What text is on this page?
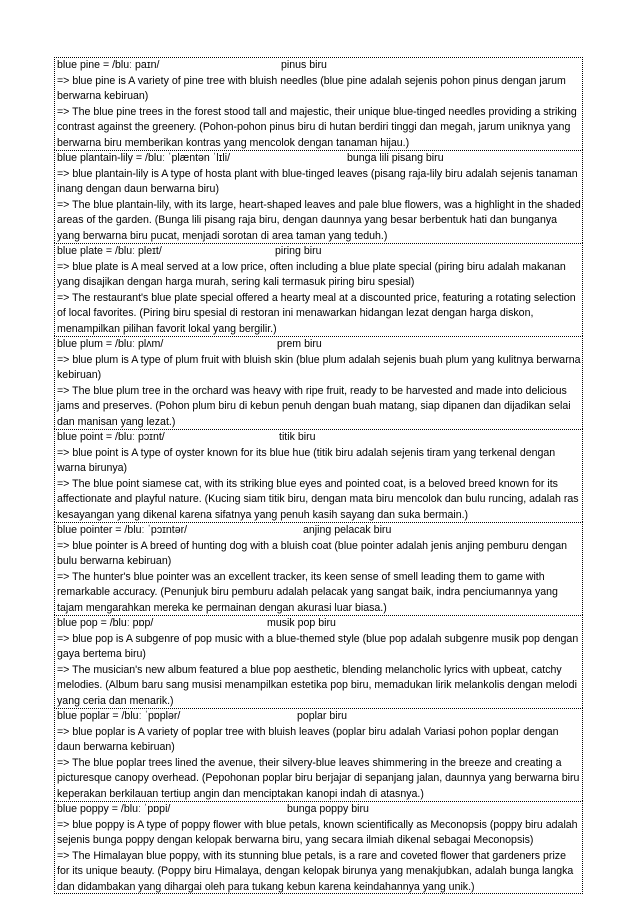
blue pine = /bluː paɪn/	pinus biru

=> blue pine is A variety of pine tree with bluish needles (blue pine adalah sejenis pohon pinus dengan jarum berwarna kebiruan)

=> The blue pine trees in the forest stood tall and majestic, their unique blue-tinged needles providing a striking contrast against the greenery. (Pohon-pohon pinus biru di hutan berdiri tinggi dan megah, jarum uniknya yang berwarna biru memberikan kontras yang mencolok dengan tanaman hijau.)

blue plantain-lily = /bluː ˈplæntən ˈlɪli/	bunga lili pisang biru

=> blue plantain-lily is A type of hosta plant with blue-tinged leaves (pisang raja-lily biru adalah sejenis tanaman inang dengan daun berwarna biru)

=> The blue plantain-lily, with its large, heart-shaped leaves and pale blue flowers, was a highlight in the shaded areas of the garden. (Bunga lili pisang raja biru, dengan daunnya yang besar berbentuk hati dan bunganya yang berwarna biru pucat, menjadi sorotan di area taman yang teduh.)

blue plate = /bluː pleɪt/	piring biru

=> blue plate is A meal served at a low price, often including a blue plate special (piring biru adalah makanan yang disajikan dengan harga murah, sering kali termasuk piring biru spesial)

=> The restaurant's blue plate special offered a hearty meal at a discounted price, featuring a rotating selection of local favorites. (Piring biru spesial di restoran ini menawarkan hidangan lezat dengan harga diskon, menampilkan pilihan favorit lokal yang bergilir.)

blue plum = /bluː plʌm/	prem biru

=> blue plum is A type of plum fruit with bluish skin (blue plum adalah sejenis buah plum yang kulitnya berwarna kebiruan)

=> The blue plum tree in the orchard was heavy with ripe fruit, ready to be harvested and made into delicious jams and preserves. (Pohon plum biru di kebun penuh dengan buah matang, siap dipanen dan dijadikan selai dan manisan yang lezat.)

blue point = /bluː pɔɪnt/	titik biru

=> blue point is A type of oyster known for its blue hue (titik biru adalah sejenis tiram yang terkenal dengan warna birunya)

=> The blue point siamese cat, with its striking blue eyes and pointed coat, is a beloved breed known for its affectionate and playful nature. (Kucing siam titik biru, dengan mata biru mencolok dan bulu runcing, adalah ras kesayangan yang dikenal karena sifatnya yang penuh kasih sayang dan suka bermain.)

blue pointer = /bluː ˈpɔɪntər/	anjing pelacak biru

=> blue pointer is A breed of hunting dog with a bluish coat (blue pointer adalah jenis anjing pemburu dengan bulu berwarna kebiruan)

=> The hunter's blue pointer was an excellent tracker, its keen sense of smell leading them to game with remarkable accuracy. (Penunjuk biru pemburu adalah pelacak yang sangat baik, indra penciumannya yang tajam mengarahkan mereka ke permainan dengan akurasi luar biasa.)

blue pop = /bluː pɒp/	musik pop biru

=> blue pop is A subgenre of pop music with a blue-themed style (blue pop adalah subgenre musik pop dengan gaya bertema biru)

=> The musician's new album featured a blue pop aesthetic, blending melancholic lyrics with upbeat, catchy melodies. (Album baru sang musisi menampilkan estetika pop biru, memadukan lirik melankolis dengan melodi yang ceria dan menarik.)

blue poplar = /bluː ˈpɒplər/	poplar biru

=> blue poplar is A variety of poplar tree with bluish leaves (poplar biru adalah Variasi pohon poplar dengan daun berwarna kebiruan)

=> The blue poplar trees lined the avenue, their silvery-blue leaves shimmering in the breeze and creating a picturesque canopy overhead. (Pepohonan poplar biru berjajar di sepanjang jalan, daunnya yang berwarna biru keperakan berkilauan tertiup angin dan menciptakan kanopi indah di atasnya.)

blue poppy = /bluː ˈpɒpi/	bunga poppy biru

=> blue poppy is A type of poppy flower with blue petals, known scientifically as Meconopsis (poppy biru adalah sejenis bunga poppy dengan kelopak berwarna biru, yang secara ilmiah dikenal sebagai Meconopsis)

=> The Himalayan blue poppy, with its stunning blue petals, is a rare and coveted flower that gardeners prize for its unique beauty. (Poppy biru Himalaya, dengan kelopak birunya yang menakjubkan, adalah bunga langka dan didambakan yang dihargai oleh para tukang kebun karena keindahannya yang unik.)
